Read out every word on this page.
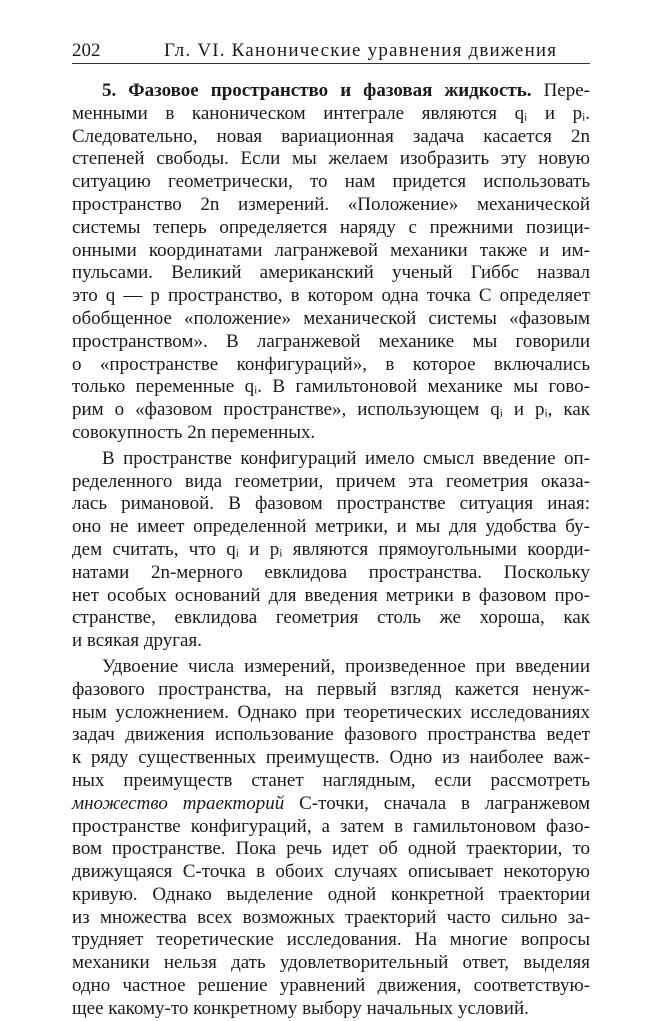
202	Гл. VI. Канонические уравнения движения
5. Фазовое пространство и фазовая жидкость. Пере-
менными в каноническом интеграле являются qᵢ и pᵢ.
Следовательно, новая вариационная задача касается 2n
степеней свободы. Если мы желаем изобразить эту новую
ситуацию геометрически, то нам придется использовать
пространство 2n измерений. «Положение» механической
системы теперь определяется наряду с прежними позици-
онными координатами лагранжевой механики также и им-
пульсами. Великий американский ученый Гиббс назвал
это q — p пространство, в котором одна точка C определяет
обобщенное «положение» механической системы «фазовым
пространством». В лагранжевой механике мы говорили
о «пространстве конфигураций», в которое включались
только переменные qᵢ. В гамильтоновой механике мы гово-
рим о «фазовом пространстве», использующем qᵢ и pᵢ, как
совокупность 2n переменных.
В пространстве конфигураций имело смысл введение оп-
ределенного вида геометрии, причем эта геометрия оказа-
лась римановой. В фазовом пространстве ситуация иная:
оно не имеет определенной метрики, и мы для удобства бу-
дем считать, что qᵢ и pᵢ являются прямоугольными коорди-
натами 2n-мерного евклидова пространства. Поскольку
нет особых оснований для введения метрики в фазовом про-
странстве, евклидова геометрия столь же хороша, как
и всякая другая.
Удвоение числа измерений, произведенное при введении
фазового пространства, на первый взгляд кажется ненуж-
ным усложнением. Однако при теоретических исследованиях
задач движения использование фазового пространства ведет
к ряду существенных преимуществ. Одно из наиболее важ-
ных преимуществ станет наглядным, если рассмотреть
множество траекторий C-точки, сначала в лагранжевом
пространстве конфигураций, а затем в гамильтоновом фазо-
вом пространстве. Пока речь идет об одной траектории, то
движущаяся C-точка в обоих случаях описывает некоторую
кривую. Однако выделение одной конкретной траектории
из множества всех возможных траекторий часто сильно за-
трудняет теоретические исследования. На многие вопросы
механики нельзя дать удовлетворительный ответ, выделяя
одно частное решение уравнений движения, соответствую-
щее какому-то конкретному выбору начальных условий.
